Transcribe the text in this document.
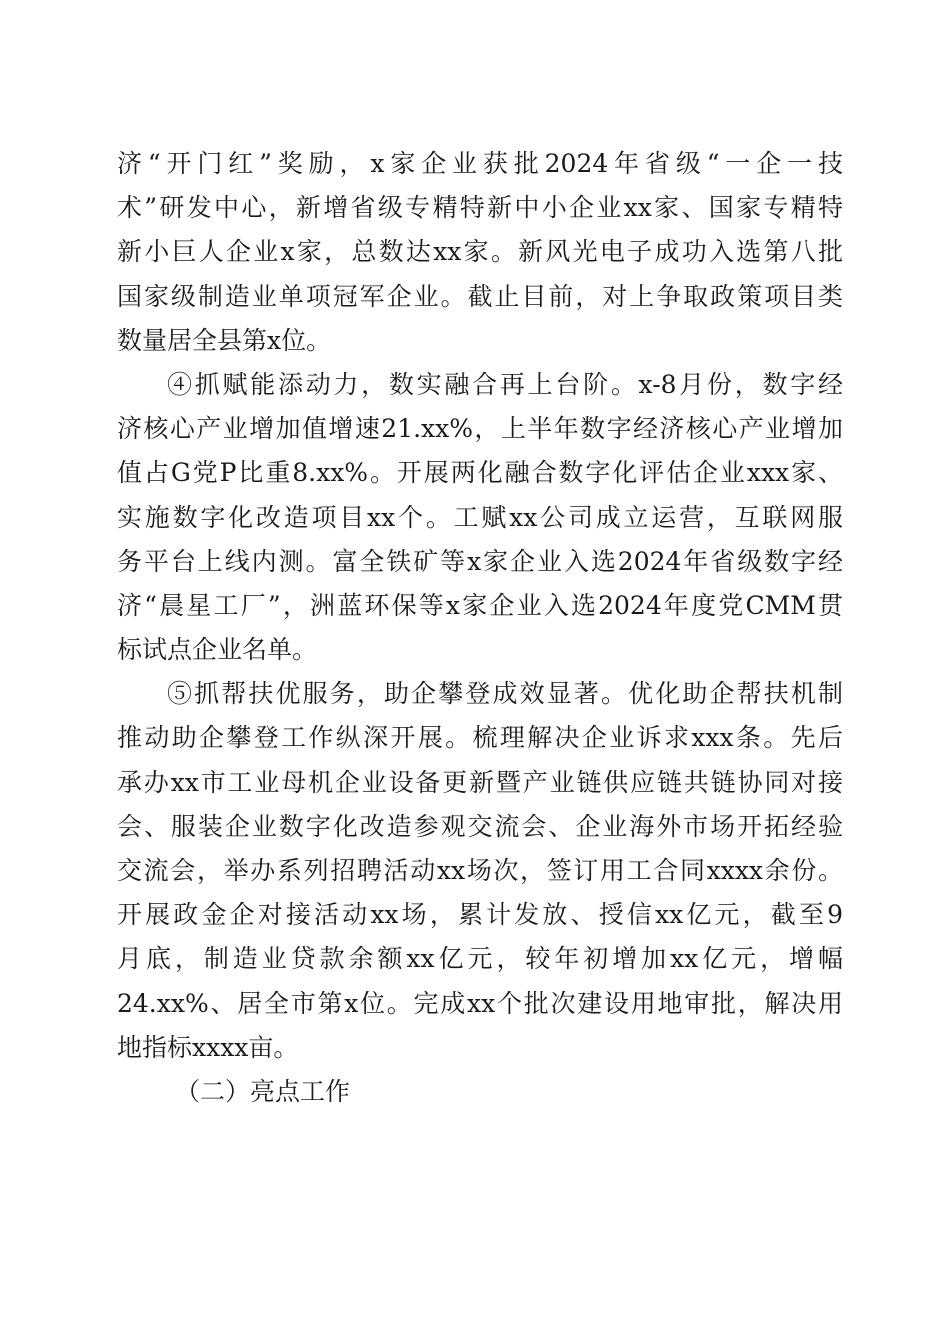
济“开门红”奖励，x家企业获批2024年省级“一企一技
术”研发中心，新增省级专精特新中小企业xx家、国家专精特
新小巨人企业x家，总数达xx家。新风光电子成功入选第八批
国家级制造业单项冠军企业。截止目前，对上争取政策项目类
数量居全县第x位。
④抓赋能添动力，数实融合再上台阶。x-8月份，数字经
济核心产业增加值增速21.xx%，上半年数字经济核心产业增加
值占G党P比重8.xx%。开展两化融合数字化评估企业xxx家、
实施数字化改造项目xx个。工赋xx公司成立运营，互联网服
务平台上线内测。富全铁矿等x家企业入选2024年省级数字经
济“晨星工厂”，洲蓝环保等x家企业入选2024年度党CMM贯
标试点企业名单。
⑤抓帮扶优服务，助企攀登成效显著。优化助企帮扶机制
推动助企攀登工作纵深开展。梳理解决企业诉求xxx条。先后
承办xx市工业母机企业设备更新暨产业链供应链共链协同对接
会、服装企业数字化改造参观交流会、企业海外市场开拓经验
交流会，举办系列招聘活动xx场次，签订用工合同xxxx余份。
开展政金企对接活动xx场，累计发放、授信xx亿元，截至9
月底，制造业贷款余额xx亿元，较年初增加xx亿元，增幅
24.xx%、居全市第x位。完成xx个批次建设用地审批，解决用
地指标xxxx亩。
（二）亮点工作
